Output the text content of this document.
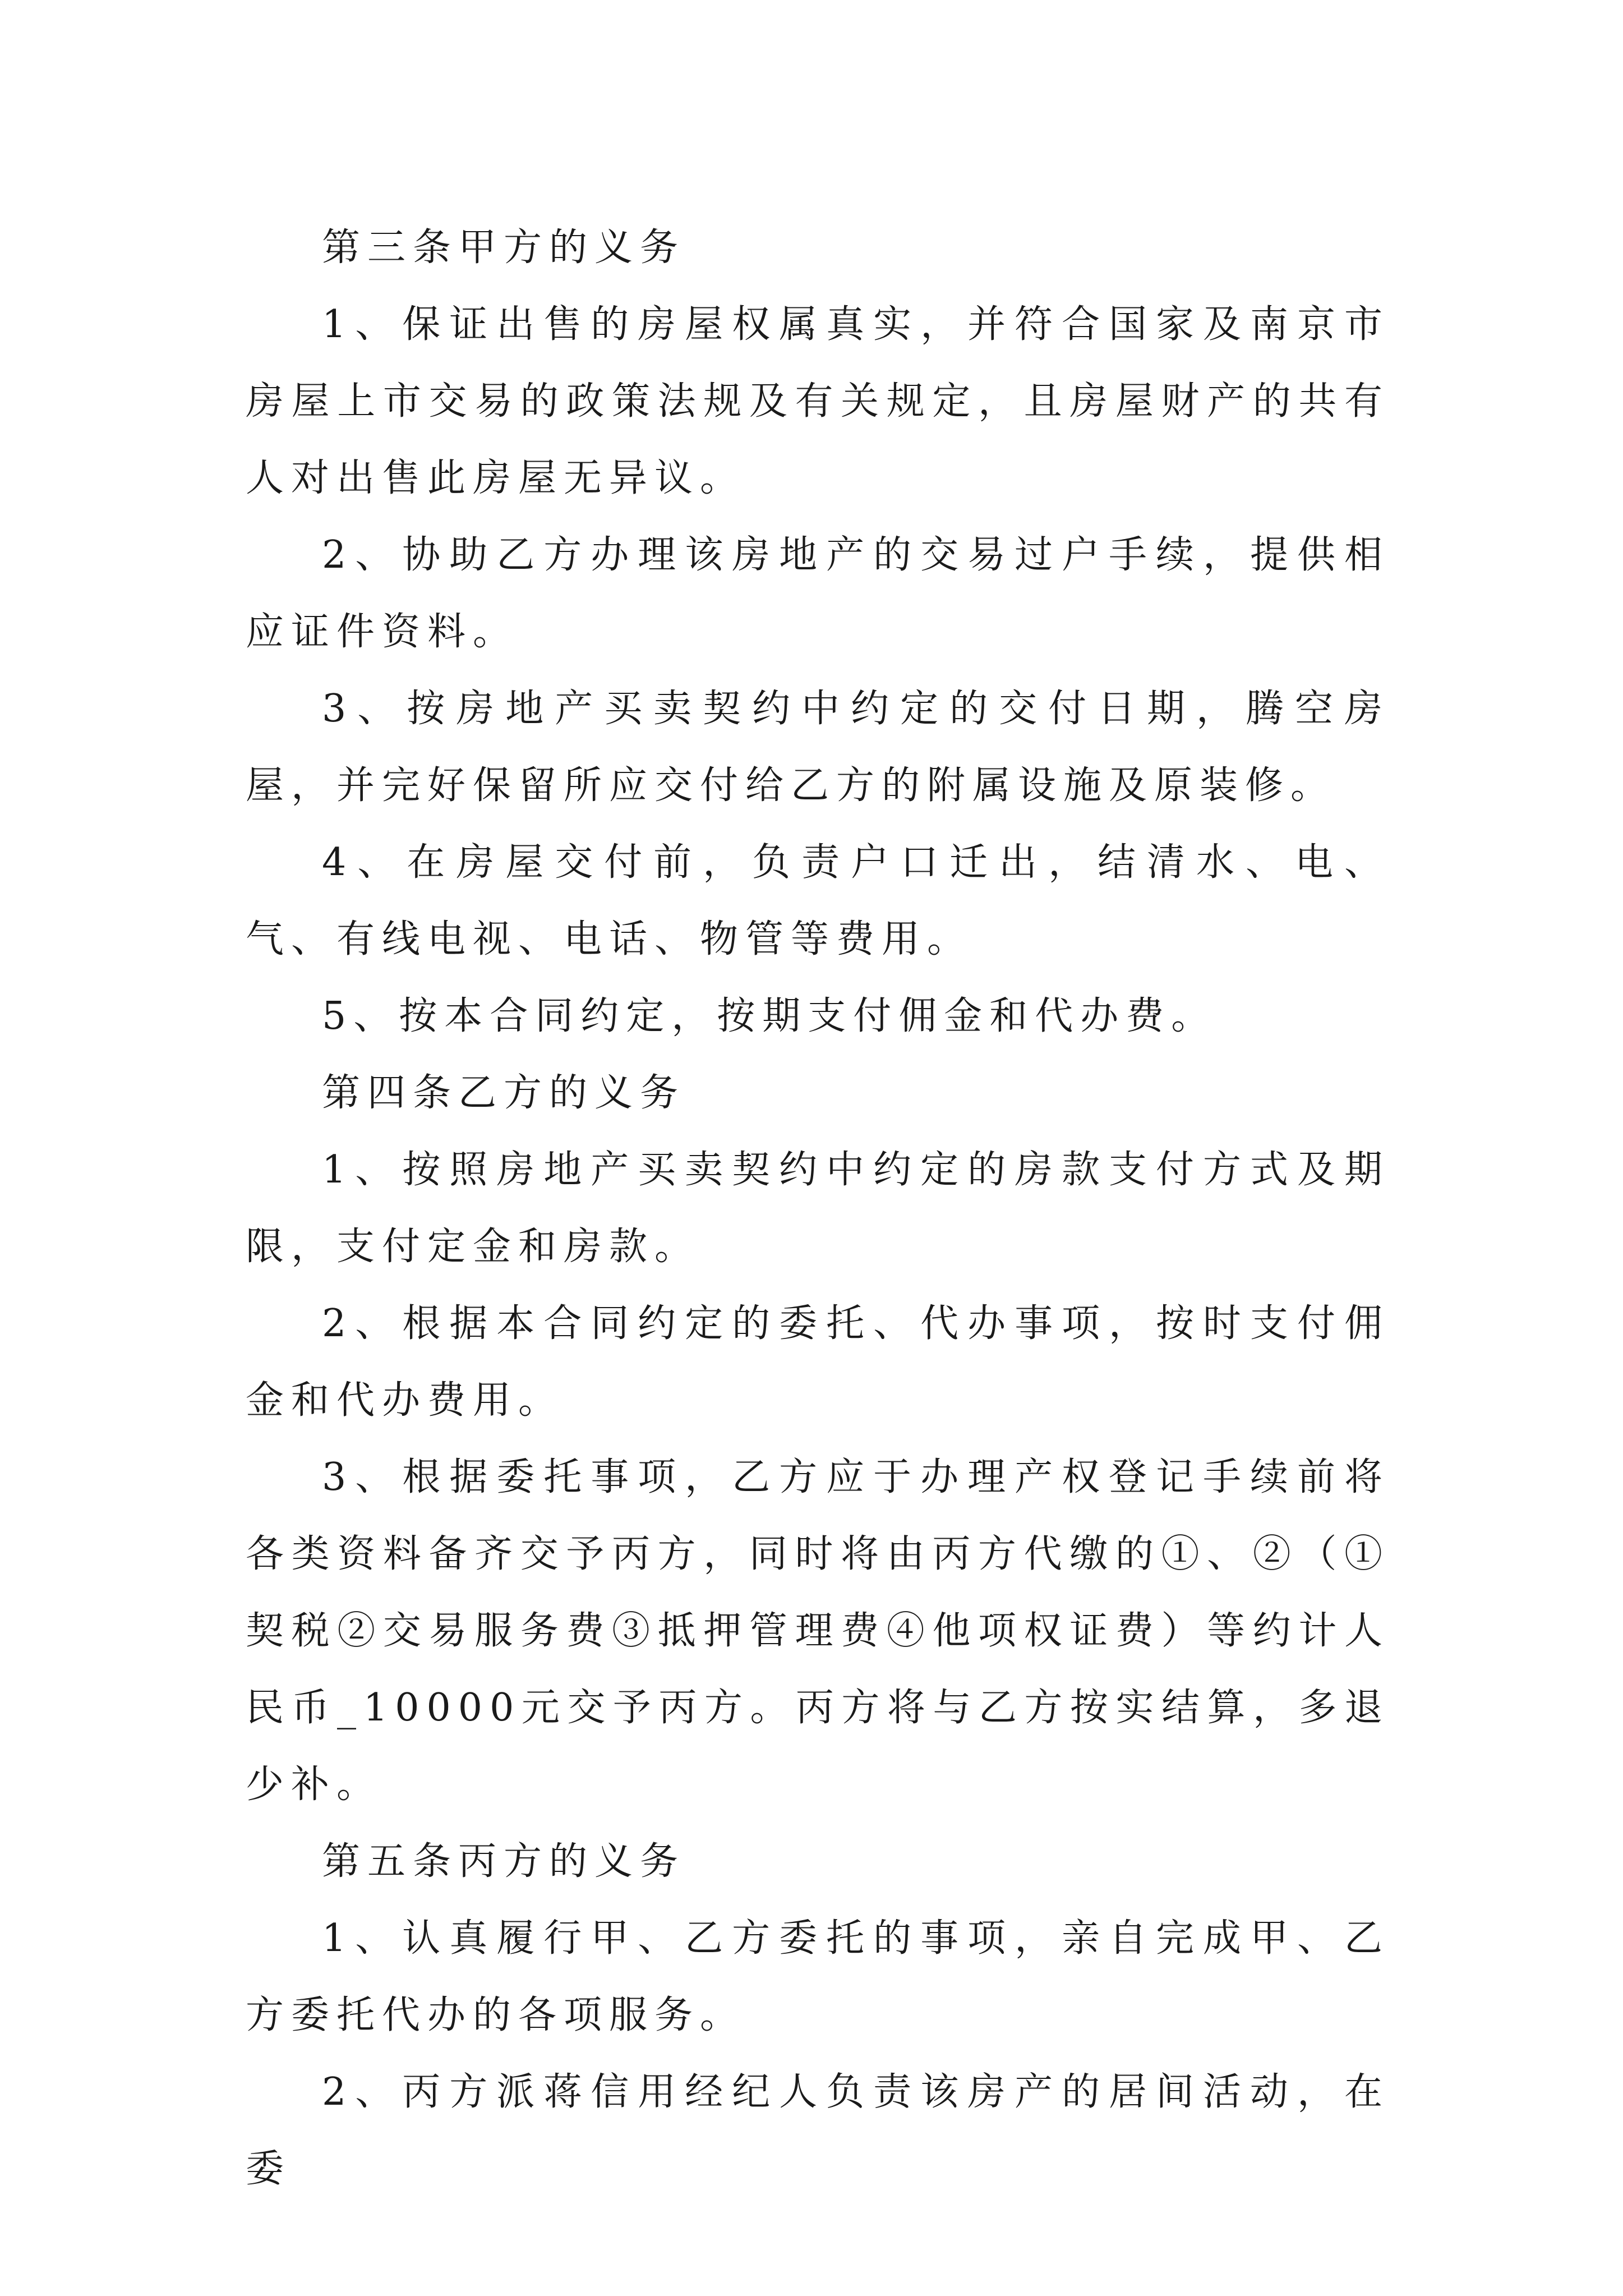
第三条甲方的义务

1、保证出售的房屋权属真实，并符合国家及南京市房屋上市交易的政策法规及有关规定，且房屋财产的共有人对出售此房屋无异议。

2、协助乙方办理该房地产的交易过户手续，提供相应证件资料。

3、按房地产买卖契约中约定的交付日期，腾空房屋，并完好保留所应交付给乙方的附属设施及原装修。

4、在房屋交付前，负责户口迁出，结清水、电、气、有线电视、电话、物管等费用。

5、按本合同约定，按期支付佣金和代办费。

第四条乙方的义务

1、按照房地产买卖契约中约定的房款支付方式及期限，支付定金和房款。

2、根据本合同约定的委托、代办事项，按时支付佣金和代办费用。

3、根据委托事项，乙方应于办理产权登记手续前将各类资料备齐交予丙方，同时将由丙方代缴的①、②（①契税②交易服务费③抵押管理费④他项权证费）等约计人民币_10000元交予丙方。丙方将与乙方按实结算，多退少补。

第五条丙方的义务

1、认真履行甲、乙方委托的事项，亲自完成甲、乙方委托代办的各项服务。

2、丙方派蒋信用经纪人负责该房产的居间活动，在委
